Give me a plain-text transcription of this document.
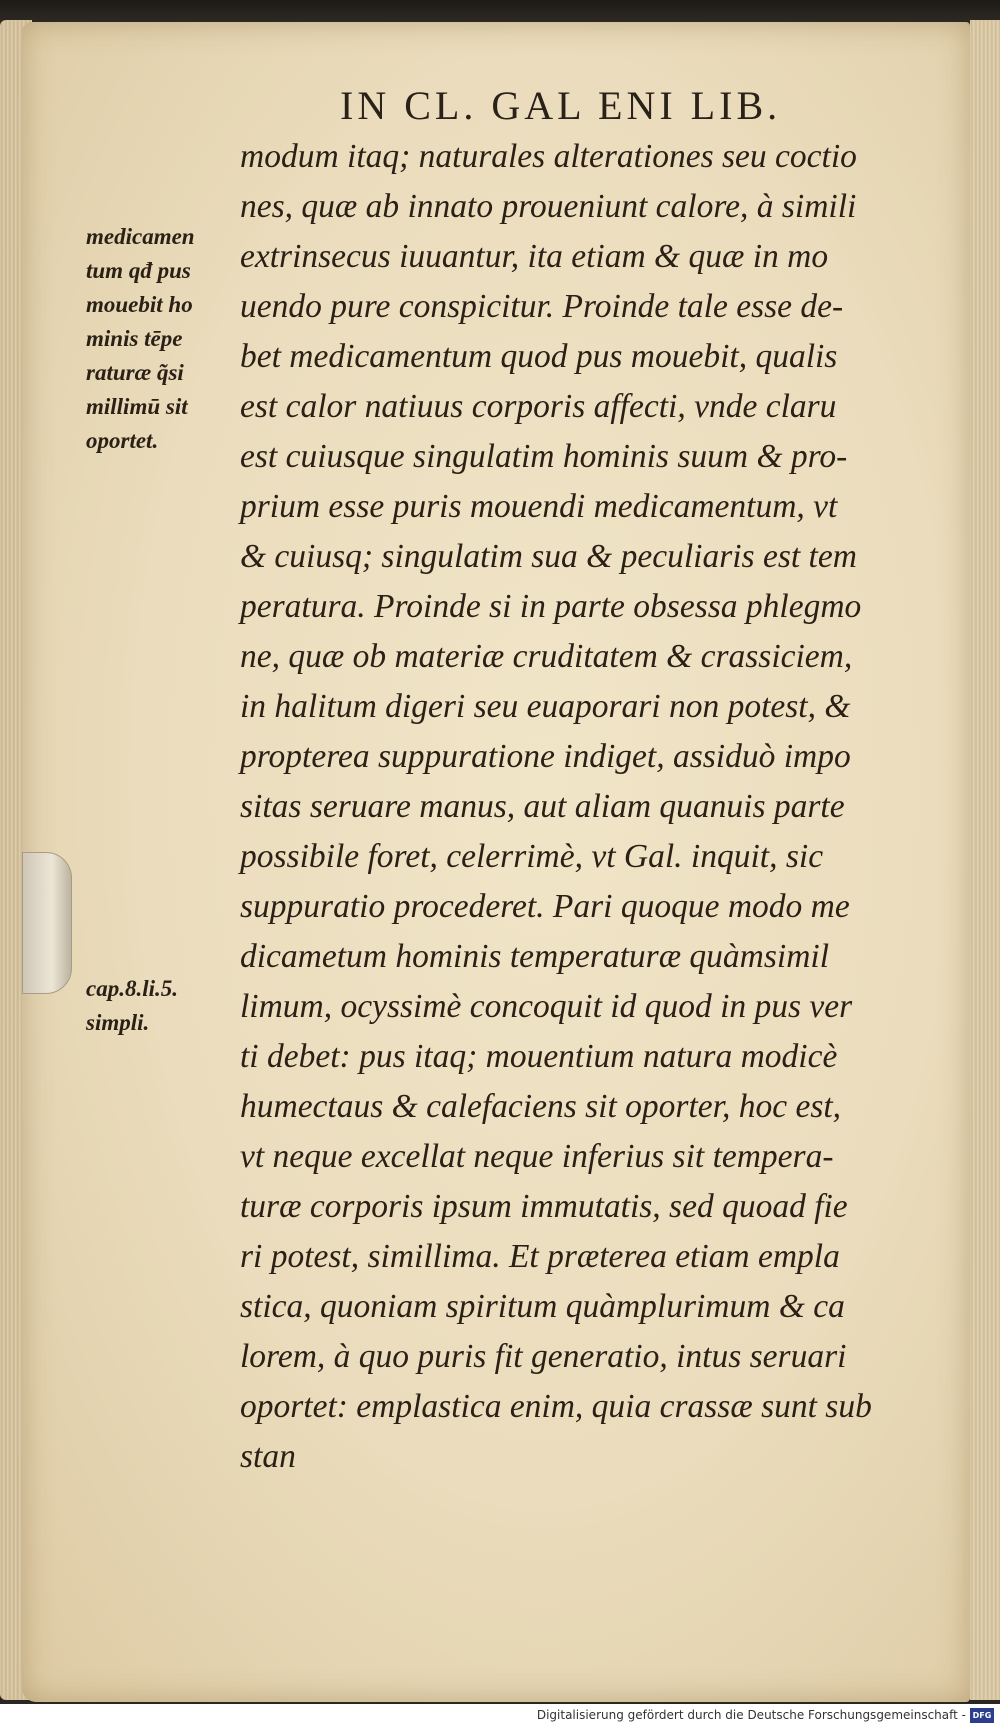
IN CL. GAL ENI LIB.
modum itaq; naturales alterationes seu coctio
nes, quæ ab innato proueniunt calore, à simili
extrinsecus iuuantur, ita etiam & quæ in mo
uendo pure conspicitur. Proinde tale esse de-
bet medicamentum quod pus mouebit, qualis
est calor natiuus corporis affecti, vnde claru
est cuiusque singulatim hominis suum & pro-
prium esse puris mouendi medicamentum, vt
& cuiusq; singulatim sua & peculiaris est tem
peratura. Proinde si in parte obsessa phlegmo
ne, quæ ob materiæ cruditatem & crassiciem,
in halitum digeri seu euaporari non potest, &
propterea suppuratione indiget, assiduò impo
sitas seruare manus, aut aliam quanuis parte
possibile foret, celerrimè, vt Gal. inquit, sic
suppuratio procederet. Pari quoque modo me
dicametum hominis temperaturæ quàmsimil
limum, ocyssimè concoquit id quod in pus ver
ti debet: pus itaq; mouentium natura modicè
humectaus & calefaciens sit oporter, hoc est,
vt neque excellat neque inferius sit tempera-
turæ corporis ipsum immutatis, sed quoad fie
ri potest, simillima. Et præterea etiam empla
stica, quoniam spiritum quàmplurimum & ca
lorem, à quo puris fit generatio, intus seruari
oportet: emplastica enim, quia crassæ sunt sub
stan
medicamen
tum qđ pus
mouebit ho
minis tēpe
raturæ q̃si
millimū sit
oportet.
cap.8.li.5.
simpli.
Digitalisierung gefördert durch die Deutsche Forschungsgemeinschaft - DFG
